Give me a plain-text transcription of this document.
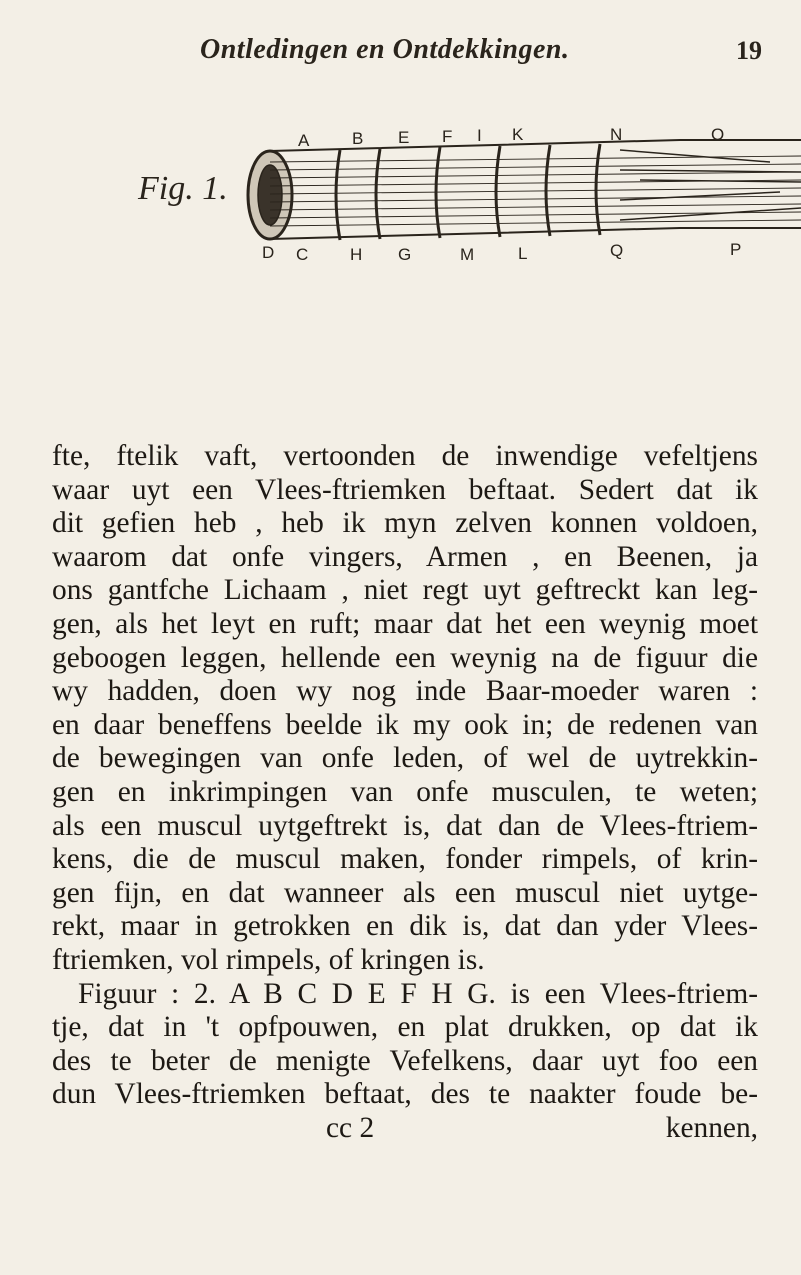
Ontledingen en Ontdekkingen.	19
Fig. 1.
A	B E F I K	N	O
D C H G	M	L	Q	P
fte, ftelik vaft, vertoonden de inwendige vefeltjens
waar uyt een Vlees-ftriemken beftaat. Sedert dat ik
dit gefien heb , heb ik myn zelven konnen voldoen,
waarom dat onfe vingers, Armen , en Beenen, ja
ons gantfche Lichaam , niet regt uyt geftreckt kan leg-
gen, als het leyt en ruft; maar dat het een weynig moet
geboogen leggen, hellende een weynig na de figuur die
wy hadden, doen wy nog inde Baar-moeder waren :
en daar beneffens beelde ik my ook in; de redenen van
de bewegingen van onfe leden, of wel de uytrekkin-
gen en inkrimpingen van onfe musculen, te weten;
als een muscul uytgeftrekt is, dat dan de Vlees-ftriem-
kens, die de muscul maken, fonder rimpels, of krin-
gen fijn, en dat wanneer als een muscul niet uytge-
rekt, maar in getrokken en dik is, dat dan yder Vlees-
ftriemken, vol rimpels, of kringen is.
Figuur : 2. A B C D E F H G. is een Vlees-ftriem-
tje, dat in 't opfpouwen, en plat drukken, op dat ik
des te beter de menigte Vefelkens, daar uyt foo een
dun Vlees-ftriemken beftaat, des te naakter foude be-
cc 2	kennen,
